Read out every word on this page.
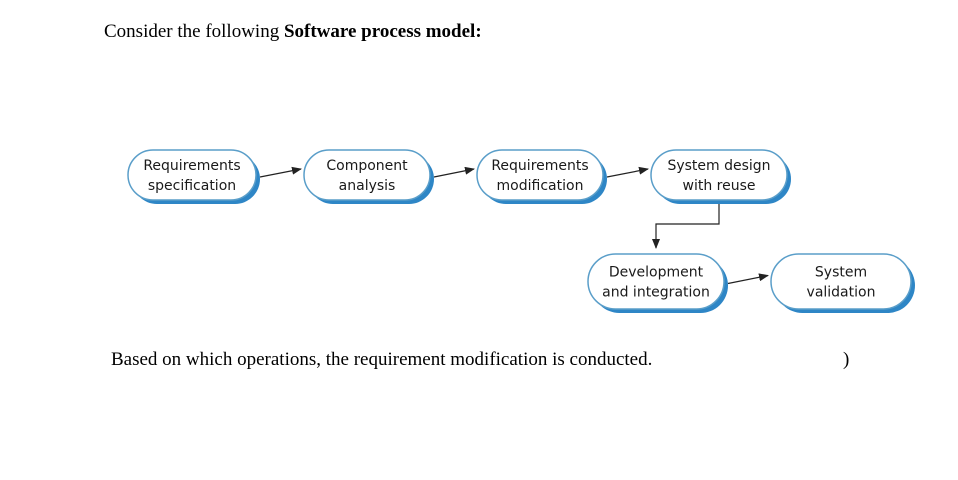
Consider the following Software process model:
Requirements
specification
Component
analysis
Requirements
modification
System design
with reuse
Development
and integration
System
validation
Based on which operations, the requirement modification is conducted.	)
